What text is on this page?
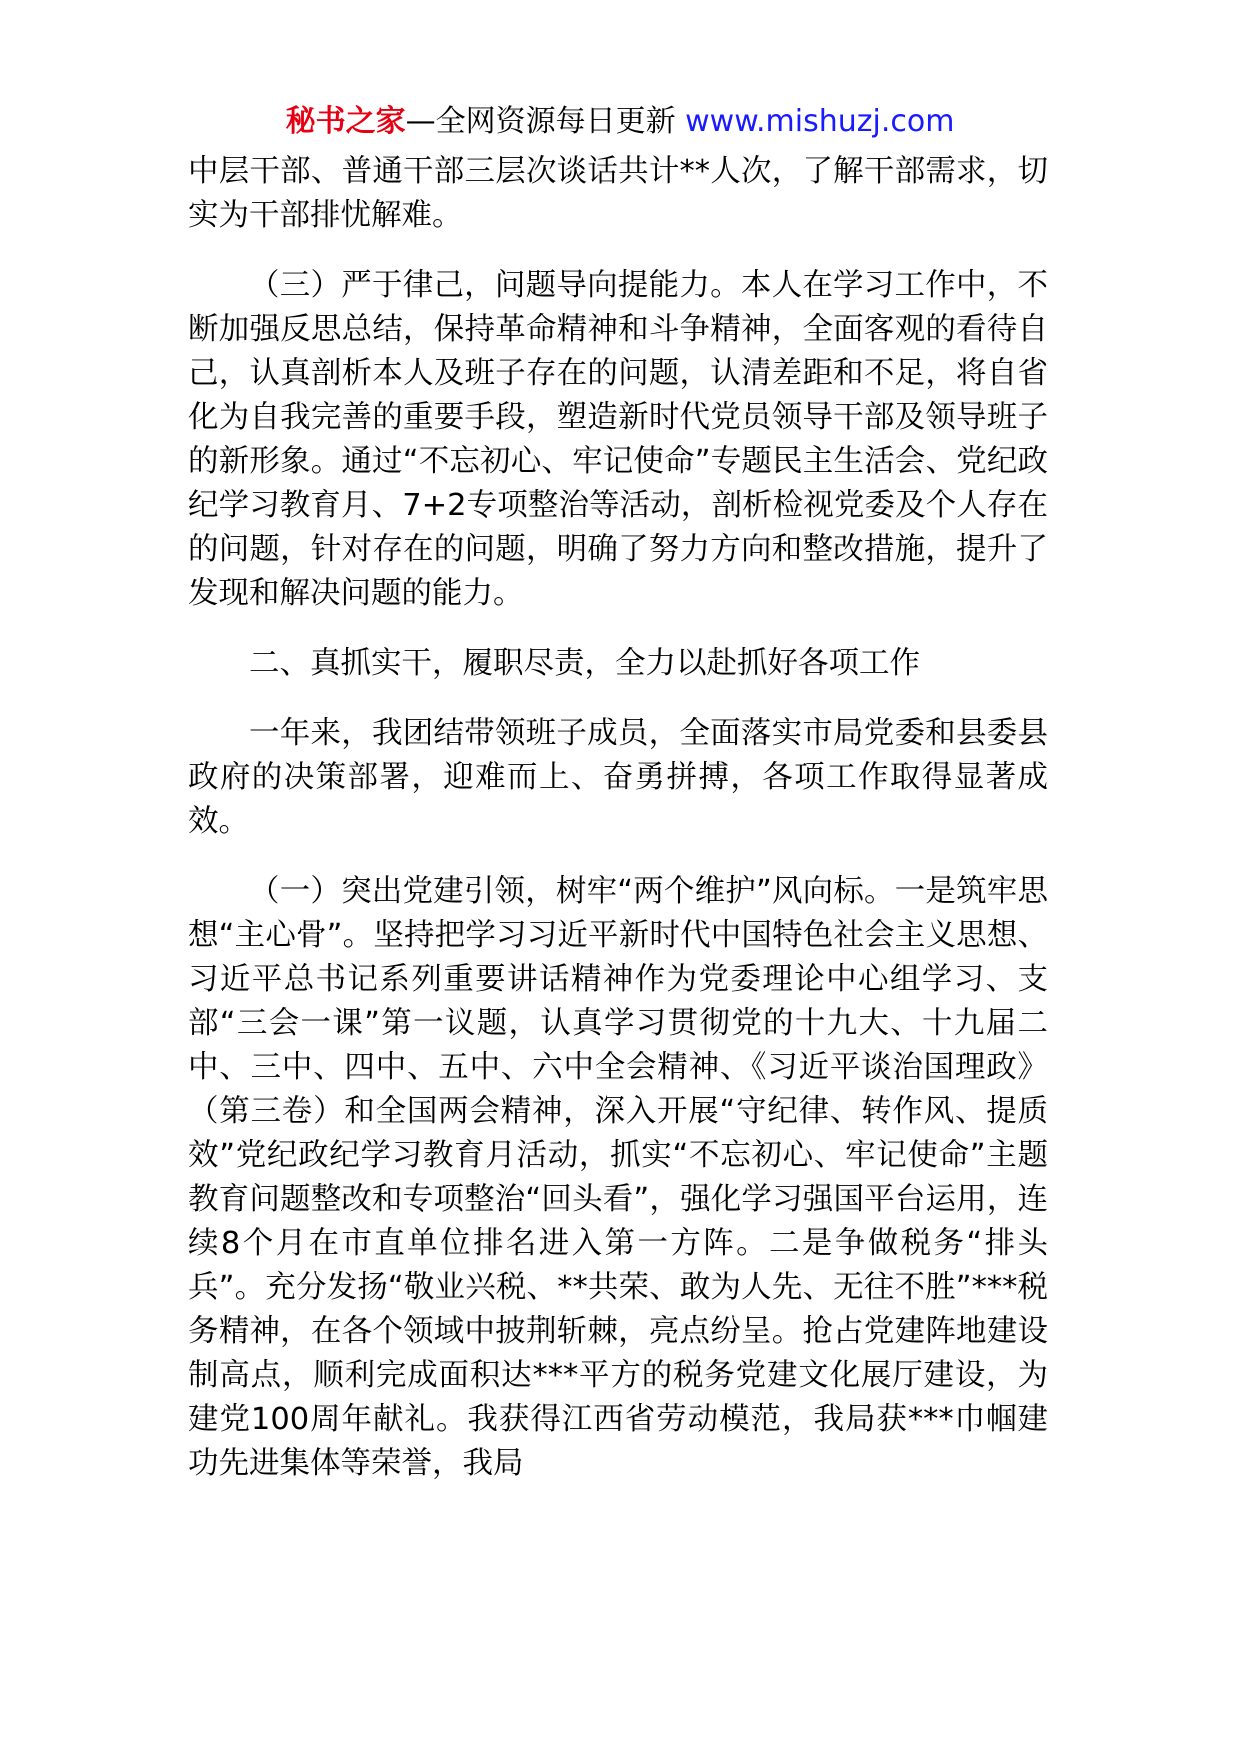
秘书之家—全网资源每日更新 www.mishuzj.com

中层干部、普通干部三层次谈话共计**人次，了解干部需求，切实为干部排忧解难。

（三）严于律己，问题导向提能力。本人在学习工作中，不断加强反思总结，保持革命精神和斗争精神，全面客观的看待自己，认真剖析本人及班子存在的问题，认清差距和不足，将自省化为自我完善的重要手段，塑造新时代党员领导干部及领导班子的新形象。通过“不忘初心、牢记使命”专题民主生活会、党纪政纪学习教育月、7+2专项整治等活动，剖析检视党委及个人存在的问题，针对存在的问题，明确了努力方向和整改措施，提升了发现和解决问题的能力。

二、真抓实干，履职尽责，全力以赴抓好各项工作

一年来，我团结带领班子成员，全面落实市局党委和县委县政府的决策部署，迎难而上、奋勇拼搏，各项工作取得显著成效。

（一）突出党建引领，树牢“两个维护”风向标。一是筑牢思想“主心骨”。坚持把学习习近平新时代中国特色社会主义思想、习近平总书记系列重要讲话精神作为党委理论中心组学习、支部“三会一课”第一议题，认真学习贯彻党的十九大、十九届二中、三中、四中、五中、六中全会精神、《习近平谈治国理政》（第三卷）和全国两会精神，深入开展“守纪律、转作风、提质效”党纪政纪学习教育月活动，抓实“不忘初心、牢记使命”主题教育问题整改和专项整治“回头看”，强化学习强国平台运用，连续8个月在市直单位排名进入第一方阵。二是争做税务“排头兵”。充分发扬“敬业兴税、**共荣、敢为人先、无往不胜”***税务精神，在各个领域中披荆斩棘，亮点纷呈。抢占党建阵地建设制高点，顺利完成面积达***平方的税务党建文化展厅建设，为建党100周年献礼。我获得江西省劳动模范，我局获***巾帼建功先进集体等荣誉，我局
